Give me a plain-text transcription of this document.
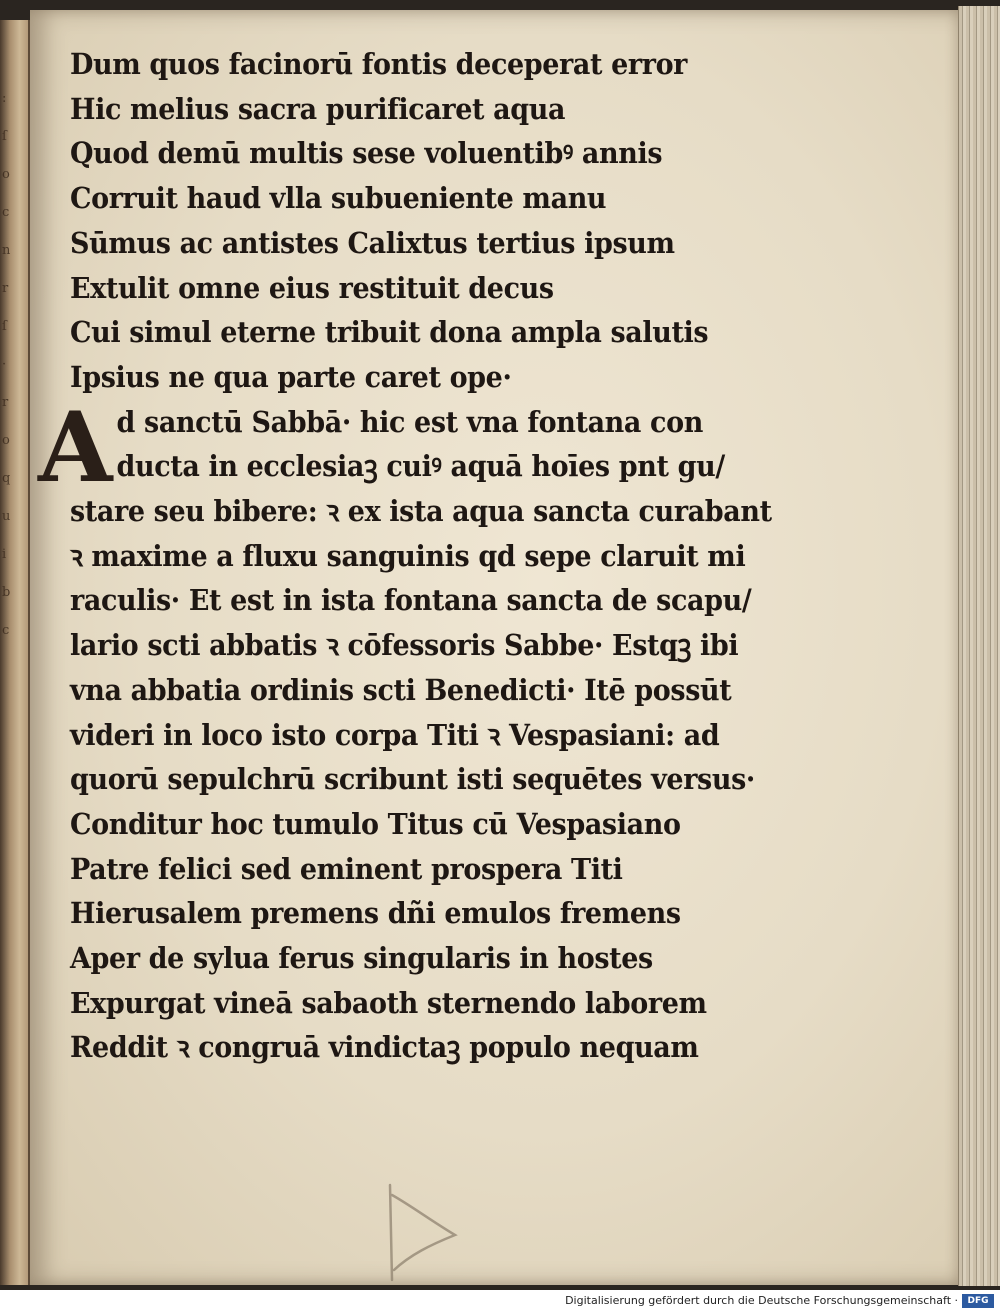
:
ſ
o
c
n
r
ſ
·
r
o
q
u
i
b
c
A
Dum quos facinorū fontis deceperat error
Hic melius sacra purificaret aqua
Quod demū multis sese voluentibꝰ annis
Corruit haud vlla subueniente manu
Sūmus ac antistes Calixtus tertius ipsum
Extulit omne eius restituit decus
Cui simul eterne tribuit dona ampla salutis
Ipsius ne qua parte caret ope·
d sanctū Sabbā· hic est vna fontana con
ducta in ecclesiaꝫ cuiꝰ aquā hoīes pnt gu/
stare seu bibere: ꝛ ex ista aqua sancta curabant
ꝛ maxime a fluxu sanguinis qd sepe claruit mi
raculis· Et est in ista fontana sancta de scapu/
lario scti abbatis ꝛ cōfessoris Sabbe· Estqꝫ ibi
vna abbatia ordinis scti Benedicti· Itē possūt
videri in loco isto corpa Titi ꝛ Vespasiani: ad
quorū sepulchrū scribunt isti sequētes versus·
Conditur hoc tumulo Titus cū Vespasiano
Patre felici sed eminent prospera Titi
Hierusalem premens dñi emulos fremens
Aper de sylua ferus singularis in hostes
Expurgat vineā sabaoth sternendo laborem
Reddit ꝛ congruā vindictaꝫ populo nequam
Digitalisierung gefördert durch die Deutsche Forschungsgemeinschaft ·	DFG
